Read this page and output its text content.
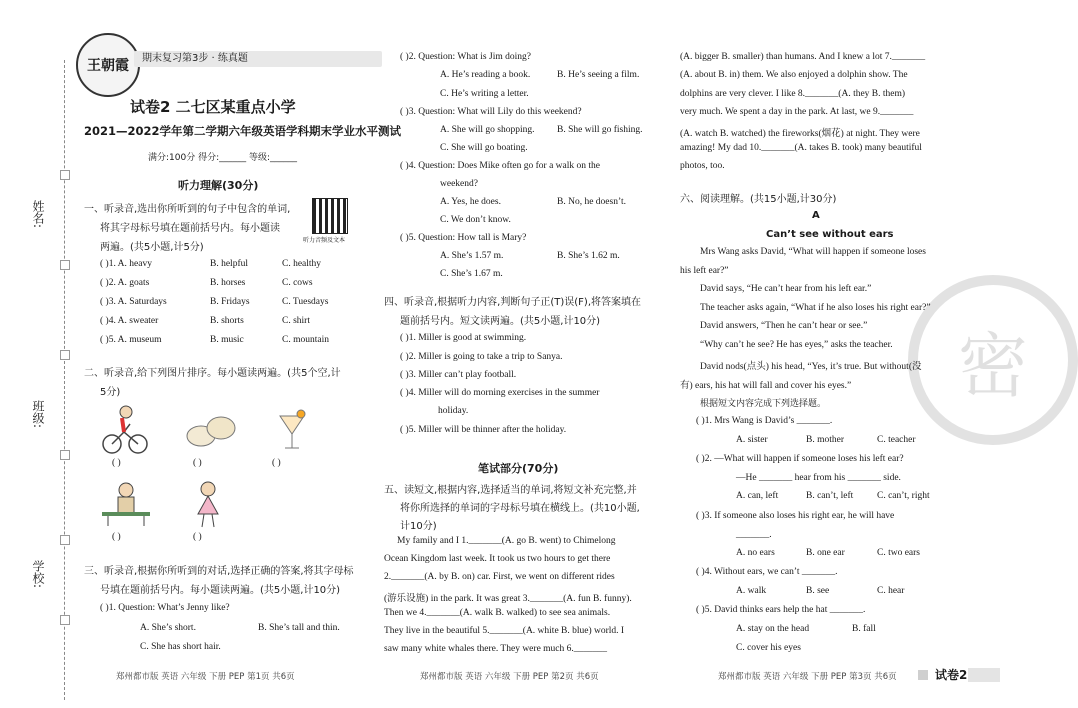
姓名:
班级:
学校:
王朝霞	期末复习第3步 · 练真题
试卷2 二七区某重点小学
2021—2022学年第二学期六年级英语学科期末学业水平测试
满分:100分 得分:______ 等级:______
听力理解(30分)
一、听录音,选出你所听到的句子中包含的单词,
将其字母标号填在题前括号内。每小题读
两遍。(共5小题,计5分)
听力音频及文本
( )1. A. heavy	B. helpful	C. healthy
( )2. A. goats	B. horses	C. cows
( )3. A. Saturdays	B. Fridays	C. Tuesdays
( )4. A. sweater	B. shorts	C. shirt
( )5. A. museum	B. music	C. mountain
二、听录音,给下列图片排序。每小题读两遍。(共5个空,计
5分)
( )	( )	( )
( )	( )
三、听录音,根据你所听到的对话,选择正确的答案,将其字母标
号填在题前括号内。每小题读两遍。(共5小题,计10分)
( )1. Question: What’s Jenny like?
A. She’s short.	B. She’s tall and thin.
C. She has short hair.
郑州都市版 英语 六年级 下册 PEP 第1页 共6页
( )2. Question: What is Jim doing?
A. He’s reading a book.	B. He’s seeing a film.
C. He’s writing a letter.
( )3. Question: What will Lily do this weekend?
A. She will go shopping. B. She will go fishing.
C. She will go boating.
( )4. Question: Does Mike often go for a walk on the
weekend?
A. Yes, he does.	B. No, he doesn’t.
C. We don’t know.
( )5. Question: How tall is Mary?
A. She’s 1.57 m.	B. She’s 1.62 m.
C. She’s 1.67 m.
四、听录音,根据听力内容,判断句子正(T)误(F),将答案填在
题前括号内。短文读两遍。(共5小题,计10分)
( )1. Miller is good at swimming.
( )2. Miller is going to take a trip to Sanya.
( )3. Miller can’t play football.
( )4. Miller will do morning exercises in the summer
holiday.
( )5. Miller will be thinner after the holiday.
笔试部分(70分)
五、读短文,根据内容,选择适当的单词,将短文补充完整,并
将你所选择的单词的字母标号填在横线上。(共10小题,
计10分)
My family and I 1._______(A. go B. went) to Chimelong
Ocean Kingdom last week. It took us two hours to get there
2._______(A. by B. on) car. First, we went on different rides
(游乐设施) in the park. It was great 3._______(A. fun B. funny).
Then we 4._______(A. walk B. walked) to see sea animals.
They live in the beautiful 5._______(A. white B. blue) world. I
saw many white whales there. They were much 6._______
郑州都市版 英语 六年级 下册 PEP 第2页 共6页
密
(A. bigger B. smaller) than humans. And I knew a lot 7._______
(A. about B. in) them. We also enjoyed a dolphin show. The
dolphins are very clever. I like 8._______(A. they B. them)
very much. We spent a day in the park. At last, we 9._______
(A. watch B. watched) the fireworks(烟花) at night. They were
amazing! My dad 10._______(A. takes B. took) many beautiful
photos, too.
六、阅读理解。(共15小题,计30分)
A
Can’t see without ears
Mrs Wang asks David, “What will happen if someone loses
his left ear?”
David says, “He can’t hear from his left ear.”
The teacher asks again, “What if he also loses his right ear?”
David answers, “Then he can’t hear or see.”
“Why can’t he see? He has eyes,” asks the teacher.
David nods(点头) his head, “Yes, it’s true. But without(没
有) ears, his hat will fall and cover his eyes.”
根据短文内容完成下列选择题。
( )1. Mrs Wang is David’s _______.
A. sister	B. mother	C. teacher
( )2. —What will happen if someone loses his left ear?
—He _______ hear from his _______ side.
A. can, left	B. can’t, left C. can’t, right
( )3. If someone also loses his right ear, he will have
_______.
A. no ears	B. one ear	C. two ears
( )4. Without ears, we can’t _______.
A. walk	B. see	C. hear
( )5. David thinks ears help the hat _______.
A. stay on the head	B. fall
C. cover his eyes
郑州都市版 英语 六年级 下册 PEP 第3页 共6页	试卷2
